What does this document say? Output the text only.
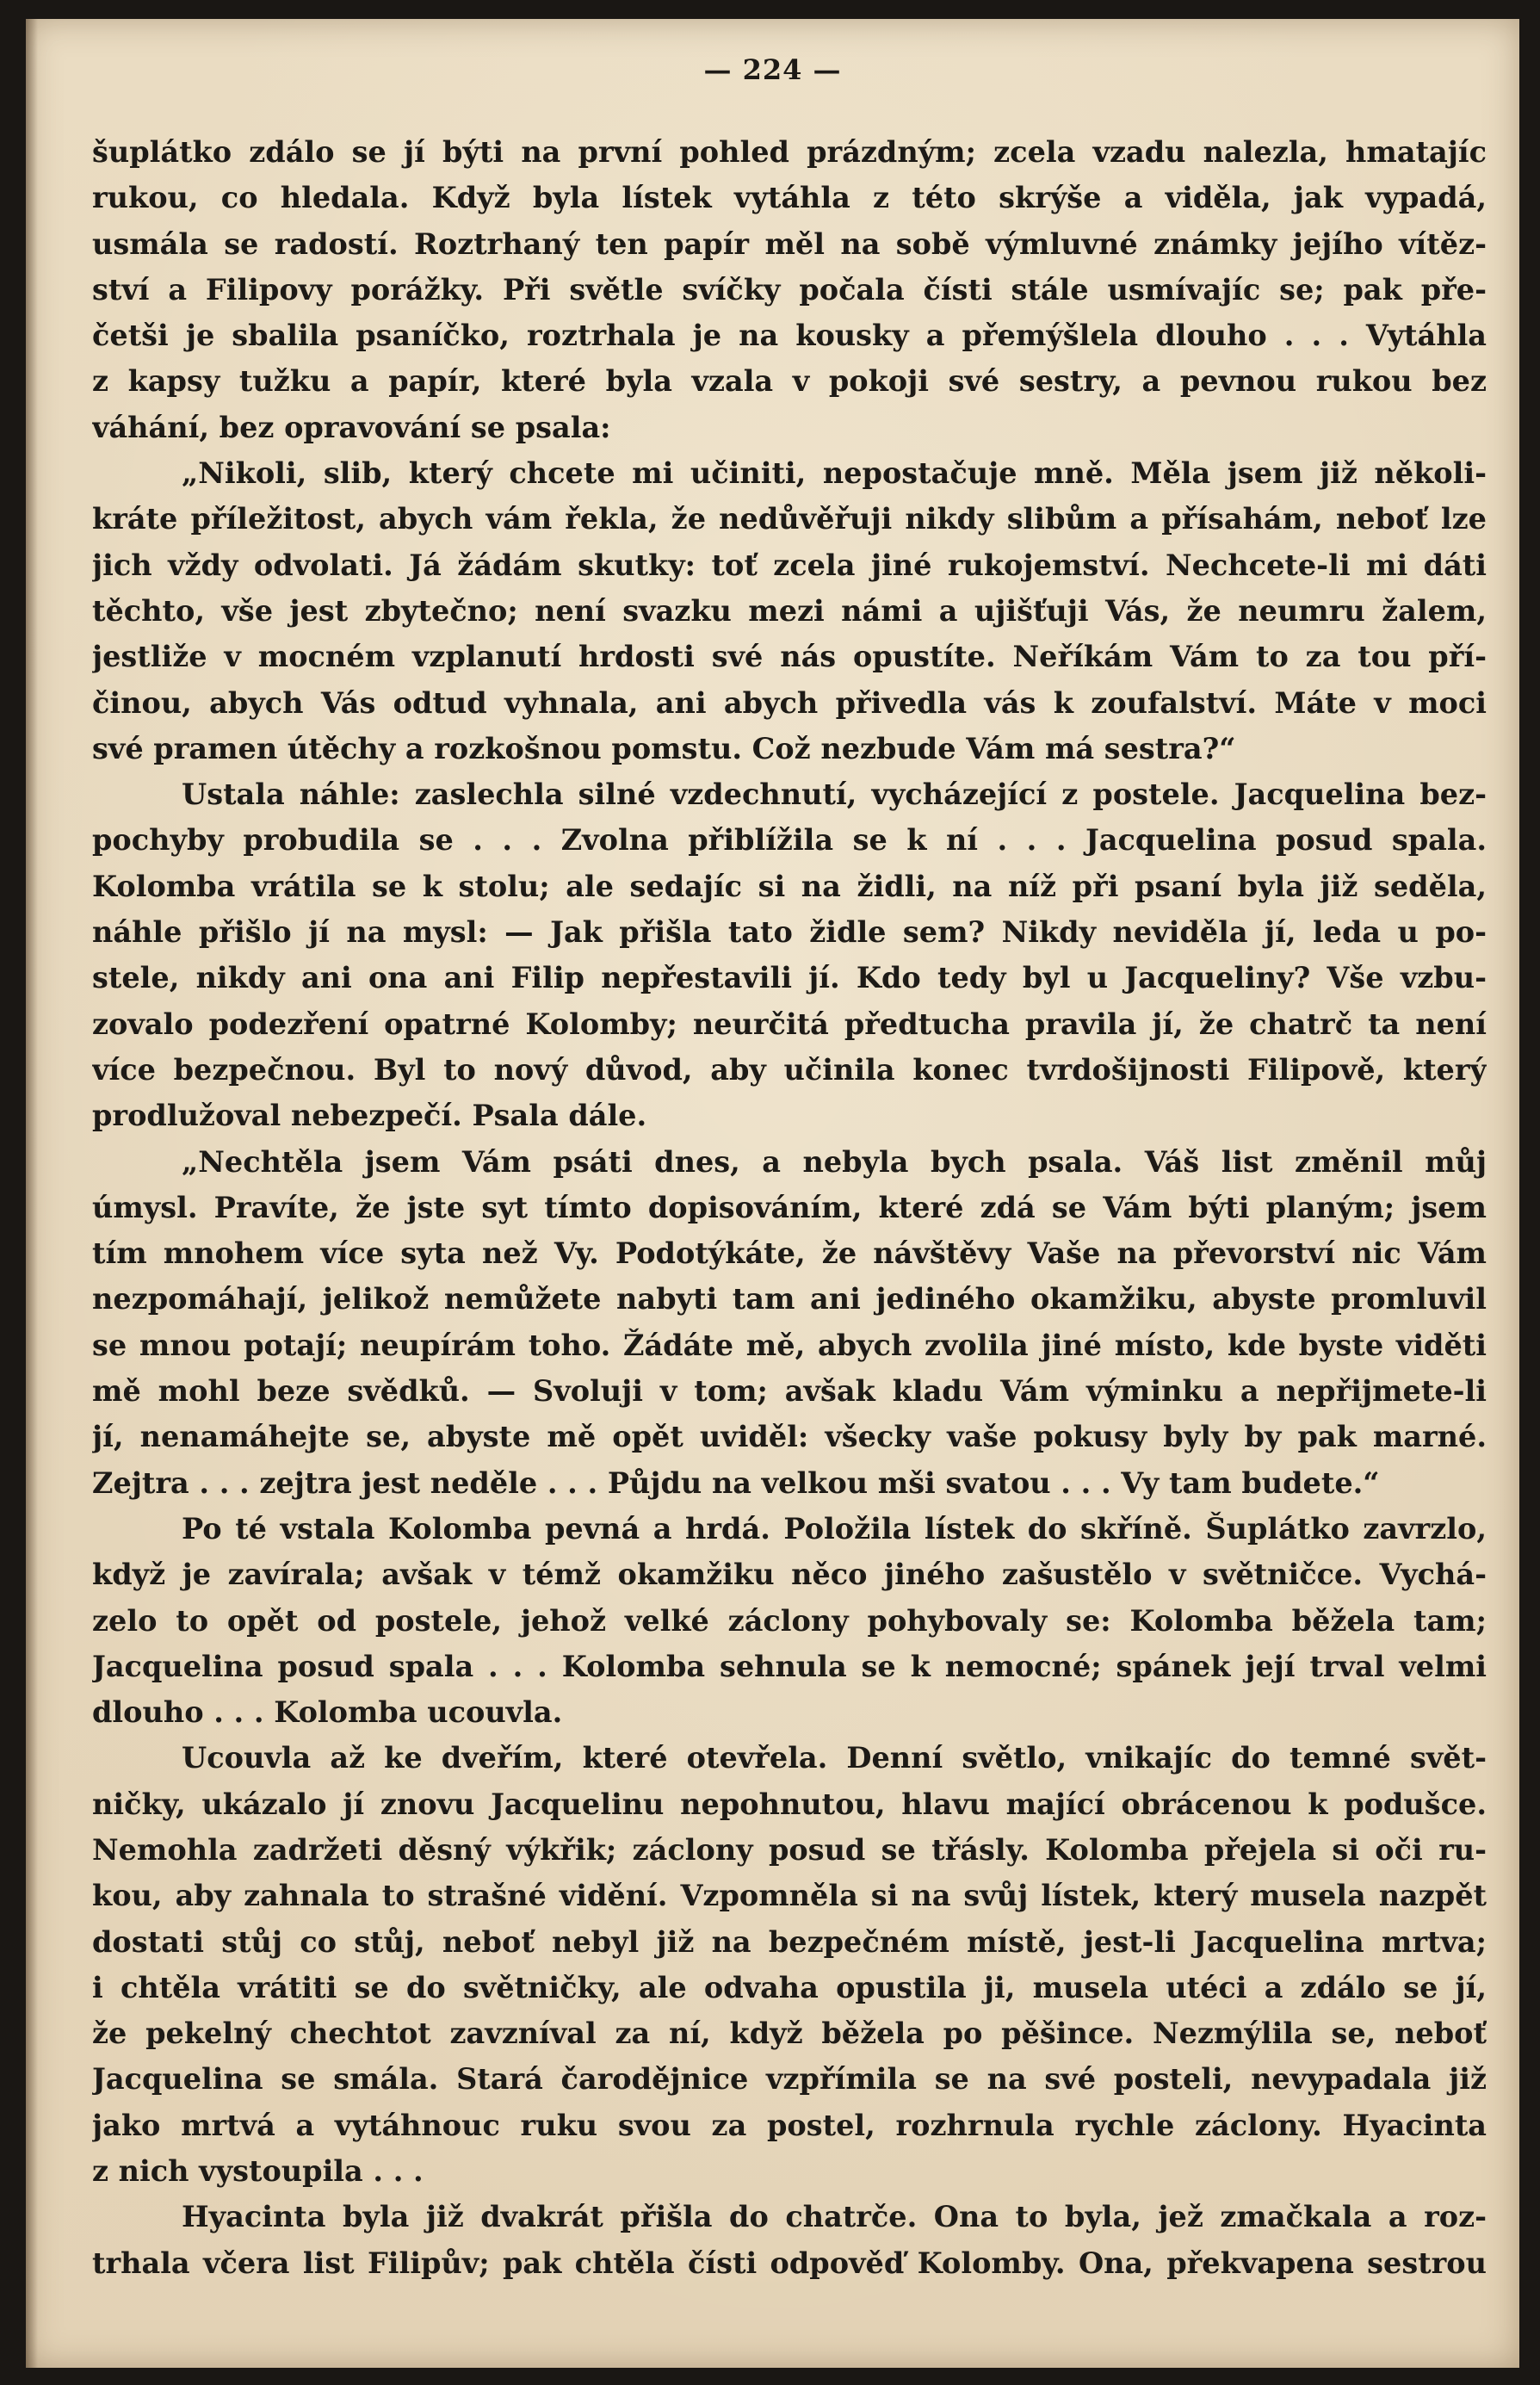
— 224 —
šuplátko zdálo se jí býti na první pohled prázdným; zcela vzadu nalezla, hmatajíc
rukou, co hledala. Když byla lístek vytáhla z této skrýše a viděla, jak vypadá,
usmála se radostí. Roztrhaný ten papír měl na sobě výmluvné známky jejího vítěz-
ství a Filipovy porážky. Při světle svíčky počala čísti stále usmívajíc se; pak pře-
četši je sbalila psaníčko, roztrhala je na kousky a přemýšlela dlouho . . . Vytáhla
z kapsy tužku a papír, které byla vzala v pokoji své sestry, a pevnou rukou bez
váhání, bez opravování se psala:
„Nikoli, slib, který chcete mi učiniti, nepostačuje mně. Měla jsem již několi-
kráte příležitost, abych vám řekla, že nedůvěřuji nikdy slibům a přísahám, neboť lze
jich vždy odvolati. Já žádám skutky: toť zcela jiné rukojemství. Nechcete-li mi dáti
těchto, vše jest zbytečno; není svazku mezi námi a ujišťuji Vás, že neumru žalem,
jestliže v mocném vzplanutí hrdosti své nás opustíte. Neříkám Vám to za tou pří-
činou, abych Vás odtud vyhnala, ani abych přivedla vás k zoufalství. Máte v moci
své pramen útěchy a rozkošnou pomstu. Což nezbude Vám má sestra?“
Ustala náhle: zaslechla silné vzdechnutí, vycházející z postele. Jacquelina bez-
pochyby probudila se . . . Zvolna přiblížila se k ní . . . Jacquelina posud spala.
Kolomba vrátila se k stolu; ale sedajíc si na židli, na níž při psaní byla již seděla,
náhle přišlo jí na mysl: — Jak přišla tato židle sem? Nikdy neviděla jí, leda u po-
stele, nikdy ani ona ani Filip nepřestavili jí. Kdo tedy byl u Jacqueliny? Vše vzbu-
zovalo podezření opatrné Kolomby; neurčitá předtucha pravila jí, že chatrč ta není
více bezpečnou. Byl to nový důvod, aby učinila konec tvrdošijnosti Filipově, který
prodlužoval nebezpečí. Psala dále.
„Nechtěla jsem Vám psáti dnes, a nebyla bych psala. Váš list změnil můj
úmysl. Pravíte, že jste syt tímto dopisováním, které zdá se Vám býti planým; jsem
tím mnohem více syta než Vy. Podotýkáte, že návštěvy Vaše na převorství nic Vám
nezpomáhají, jelikož nemůžete nabyti tam ani jediného okamžiku, abyste promluvil
se mnou potají; neupírám toho. Žádáte mě, abych zvolila jiné místo, kde byste viděti
mě mohl beze svědků. — Svoluji v tom; avšak kladu Vám výminku a nepřijmete-li
jí, nenamáhejte se, abyste mě opět uviděl: všecky vaše pokusy byly by pak marné.
Zejtra . . . zejtra jest neděle . . . Půjdu na velkou mši svatou . . . Vy tam budete.“
Po té vstala Kolomba pevná a hrdá. Položila lístek do skříně. Šuplátko zavrzlo,
když je zavírala; avšak v témž okamžiku něco jiného zašustělo v světničce. Vychá-
zelo to opět od postele, jehož velké záclony pohybovaly se: Kolomba běžela tam;
Jacquelina posud spala . . . Kolomba sehnula se k nemocné; spánek její trval velmi
dlouho . . . Kolomba ucouvla.
Ucouvla až ke dveřím, které otevřela. Denní světlo, vnikajíc do temné svět-
ničky, ukázalo jí znovu Jacquelinu nepohnutou, hlavu mající obrácenou k podušce.
Nemohla zadržeti děsný výkřik; záclony posud se třásly. Kolomba přejela si oči ru-
kou, aby zahnala to strašné vidění. Vzpomněla si na svůj lístek, který musela nazpět
dostati stůj co stůj, neboť nebyl již na bezpečném místě, jest-li Jacquelina mrtva;
i chtěla vrátiti se do světničky, ale odvaha opustila ji, musela utéci a zdálo se jí,
že pekelný chechtot zavzníval za ní, když běžela po pěšince. Nezmýlila se, neboť
Jacquelina se smála. Stará čarodějnice vzpřímila se na své posteli, nevypadala již
jako mrtvá a vytáhnouc ruku svou za postel, rozhrnula rychle záclony. Hyacinta
z nich vystoupila . . .
Hyacinta byla již dvakrát přišla do chatrče. Ona to byla, jež zmačkala a roz-
trhala včera list Filipův; pak chtěla čísti odpověď Kolomby. Ona, překvapena sestrou
